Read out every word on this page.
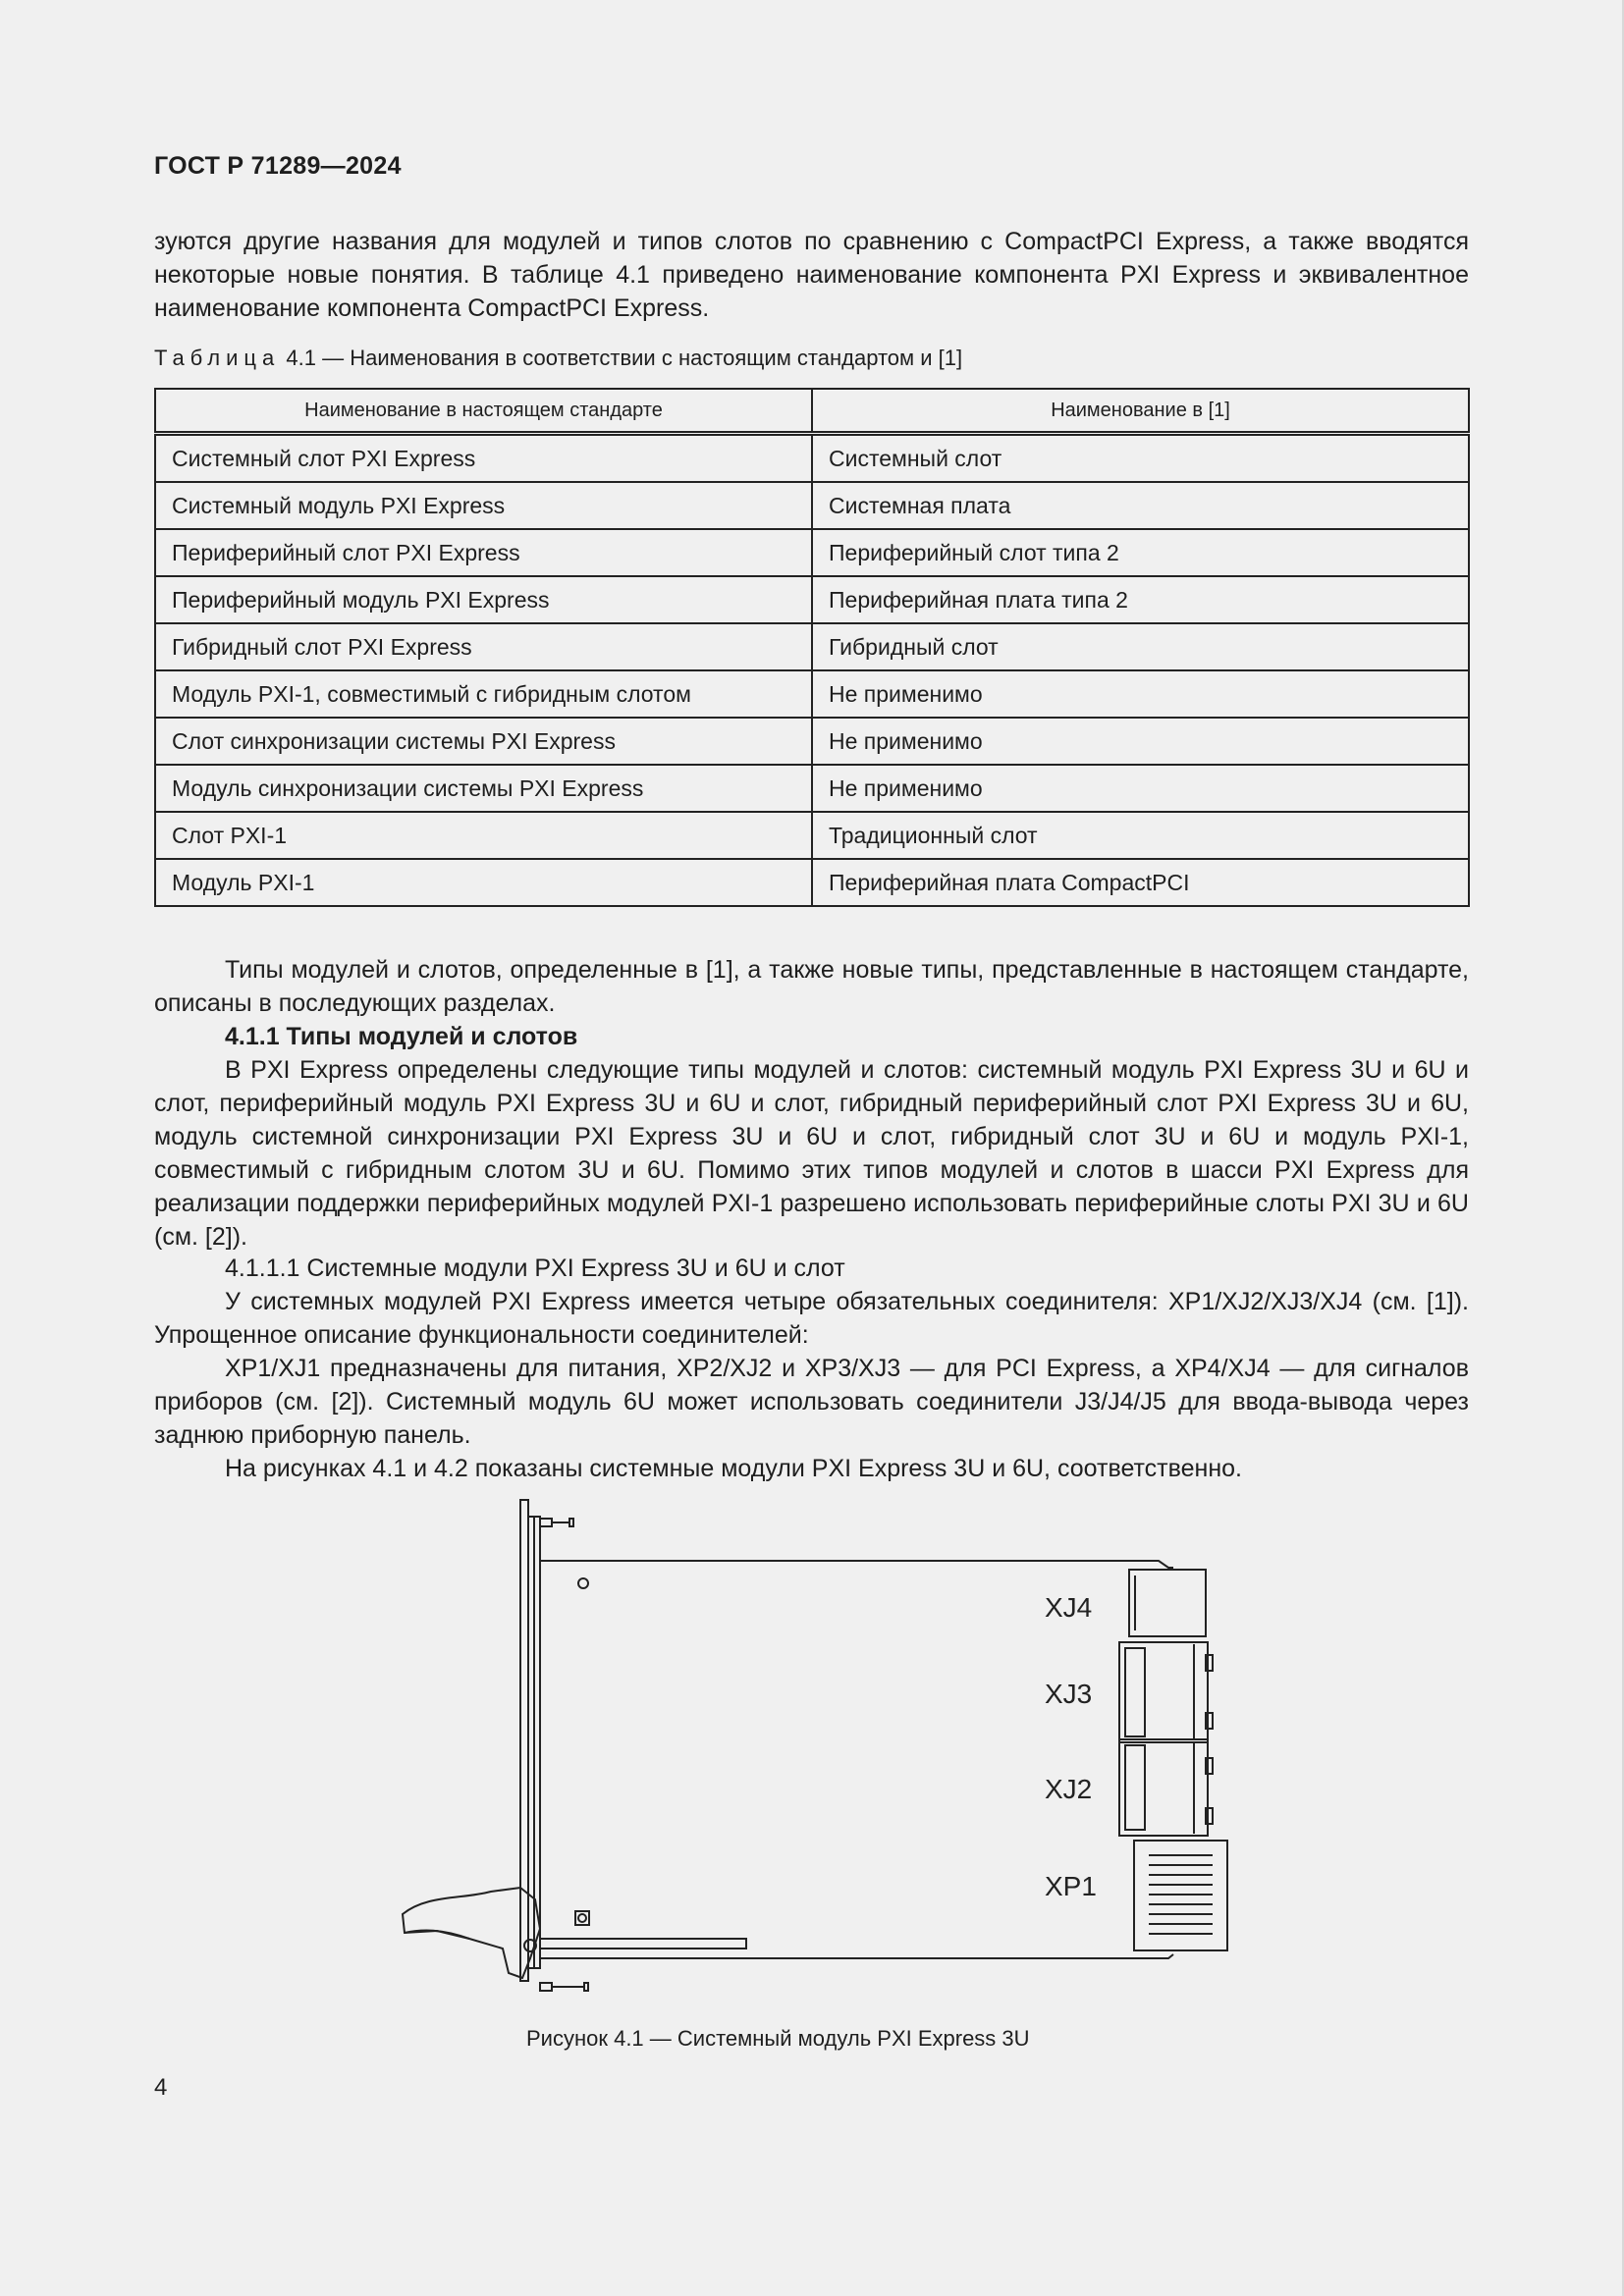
ГОСТ Р 71289—2024

зуются другие названия для модулей и типов слотов по сравнению с CompactPCI Express, а также вводятся некоторые новые понятия. В таблице 4.1 приведено наименование компонента PXI Express и эквивалентное наименование компонента CompactPCI Express.

Таблица 4.1 — Наименования в соответствии с настоящим стандартом и [1]
Наименование в настоящем стандарте	Наименование в [1]
Системный слот PXI Express	Системный слот
Системный модуль PXI Express	Системная плата
Периферийный слот PXI Express	Периферийный слот типа 2
Периферийный модуль PXI Express	Периферийная плата типа 2
Гибридный слот PXI Express	Гибридный слот
Модуль PXI-1, совместимый с гибридным слотом	Не применимо
Слот синхронизации системы PXI Express	Не применимо
Модуль синхронизации системы PXI Express	Не применимо
Слот PXI-1	Традиционный слот
Модуль PXI-1	Периферийная плата CompactPCI

Типы модулей и слотов, определенные в [1], а также новые типы, представленные в настоящем стандарте, описаны в последующих разделах.

4.1.1 Типы модулей и слотов

В PXI Express определены следующие типы модулей и слотов: системный модуль PXI Express 3U и 6U и слот, периферийный модуль PXI Express 3U и 6U и слот, гибридный периферийный слот PXI Express 3U и 6U, модуль системной синхронизации PXI Express 3U и 6U и слот, гибридный слот 3U и 6U и модуль PXI-1, совместимый с гибридным слотом 3U и 6U. Помимо этих типов модулей и слотов в шасси PXI Express для реализации поддержки периферийных модулей PXI-1 разрешено использовать периферийные слоты PXI 3U и 6U (см. [2]).

4.1.1.1 Системные модули PXI Express 3U и 6U и слот

У системных модулей PXI Express имеется четыре обязательных соединителя: XP1/XJ2/XJ3/XJ4 (см. [1]). Упрощенное описание функциональности соединителей:

XP1/XJ1 предназначены для питания, XP2/XJ2 и XP3/XJ3 — для PCI Express, а XP4/XJ4 — для сигналов приборов (см. [2]). Системный модуль 6U может использовать соединители J3/J4/J5 для ввода-вывода через заднюю приборную панель.

На рисунках 4.1 и 4.2 показаны системные модули PXI Express 3U и 6U, соответственно.

XJ4
XJ3
XJ2
XP1
Рисунок 4.1 — Системный модуль PXI Express 3U
4
